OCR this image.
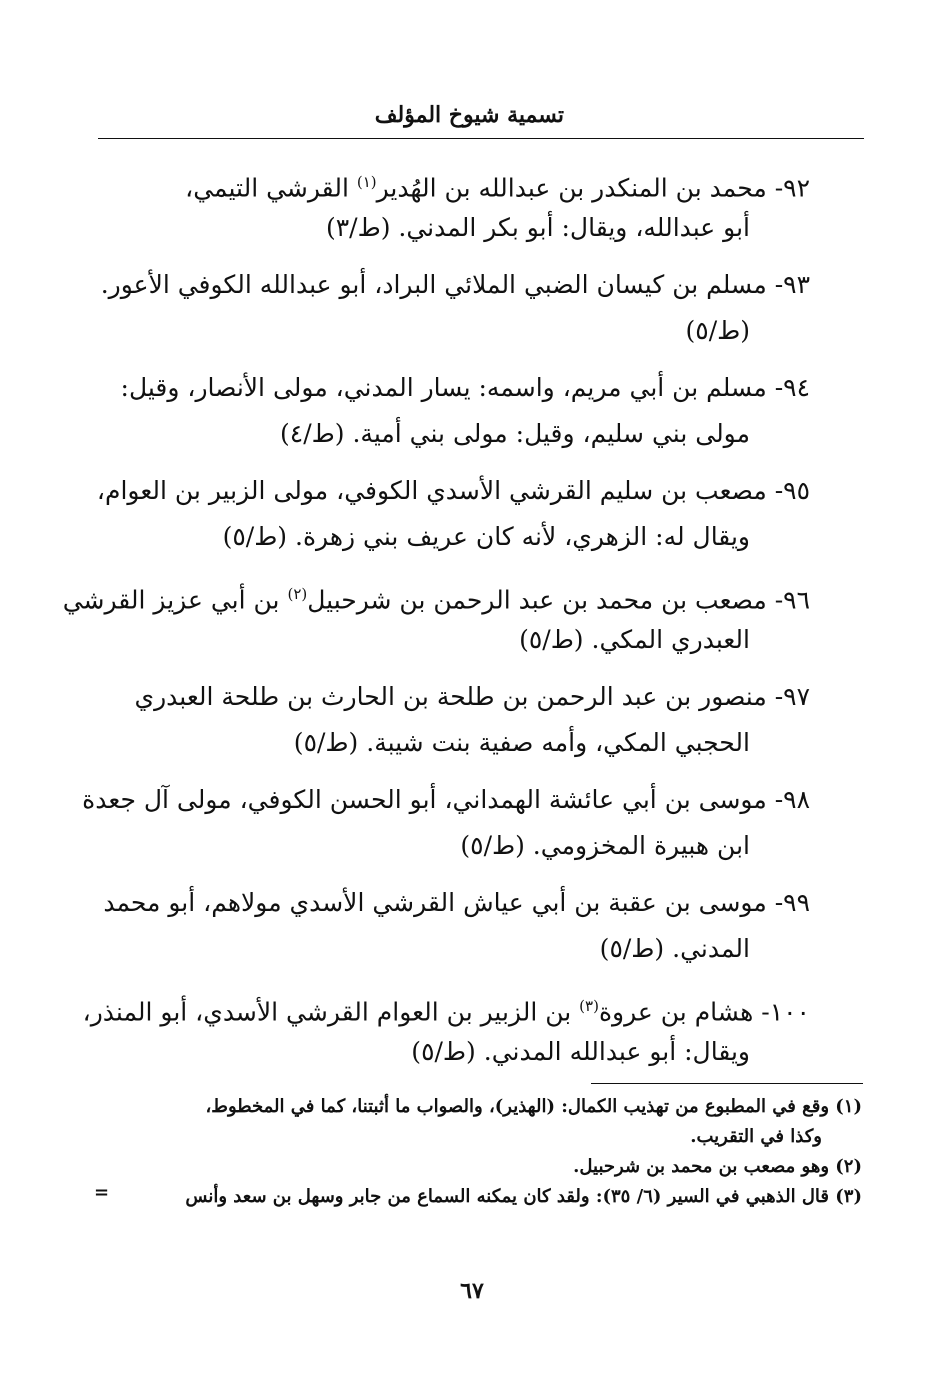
تسمية شيوخ المؤلف
٩٢- محمد بن المنكدر بن عبدالله بن الهُدير$^{(١)}$ القرشي التيمي،
أبو عبدالله، ويقال: أبو بكر المدني. (ط/٣)
٩٣- مسلم بن كيسان الضبي الملائي البراد، أبو عبدالله الكوفي الأعور.
(ط/٥)
٩٤- مسلم بن أبي مريم، واسمه: يسار المدني، مولى الأنصار، وقيل:
مولى بني سليم، وقيل: مولى بني أمية. (ط/٤)
٩٥- مصعب بن سليم القرشي الأسدي الكوفي، مولى الزبير بن العوام،
ويقال له: الزهري، لأنه كان عريف بني زهرة. (ط/٥)
٩٦- مصعب بن محمد بن عبد الرحمن بن شرحبيل$^{(٢)}$ بن أبي عزيز القرشي
العبدري المكي. (ط/٥)
٩٧- منصور بن عبد الرحمن بن طلحة بن الحارث بن طلحة العبدري
الحجبي المكي، وأمه صفية بنت شيبة. (ط/٥)
٩٨- موسى بن أبي عائشة الهمداني، أبو الحسن الكوفي، مولى آل جعدة
ابن هبيرة المخزومي. (ط/٥)
٩٩- موسى بن عقبة بن أبي عياش القرشي الأسدي مولاهم، أبو محمد
المدني. (ط/٥)
١٠٠- هشام بن عروة$^{(٣)}$ بن الزبير بن العوام القرشي الأسدي، أبو المنذر،
ويقال: أبو عبدالله المدني. (ط/٥)
(١) وقع في المطبوع من تهذيب الكمال: (الهذير)، والصواب ما أثبتنا، كما في المخطوط،
وكذا في التقريب.
(٢) وهو مصعب بن محمد بن شرحبيل.
(٣) قال الذهبي في السير (٦/ ٣٥): ولقد كان يمكنه السماع من جابر وسهل بن سعد وأنس
=
٦٧
